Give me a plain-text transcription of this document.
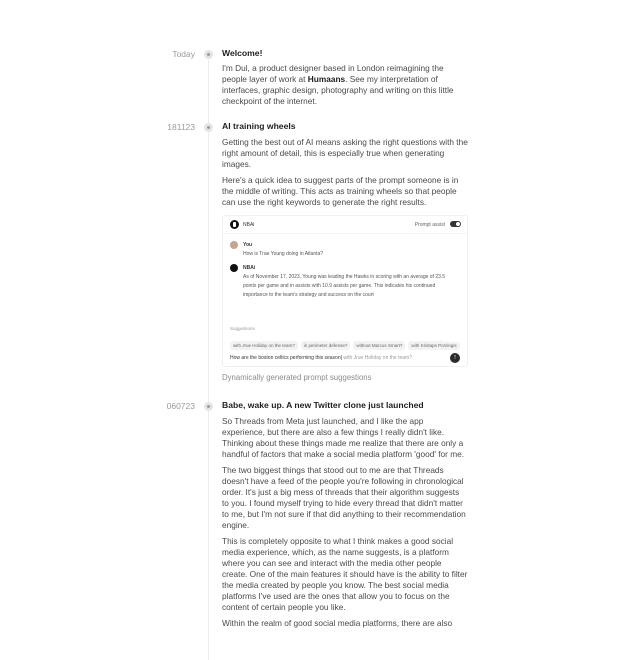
Today	Welcome!
I'm Dul, a product designer based in London reimagining the people layer of work at Humaans. See my interpretation of interfaces, graphic design, photography and writing on this little checkpoint of the internet.
181123	AI training wheels
Getting the best out of AI means asking the right questions with the right amount of detail, this is especially true when generating images.
Here's a quick idea to suggest parts of the prompt someone is in the middle of writing. This acts as training wheels so that people can use the right keywords to generate the right results.
NBAi	Prompt assist
You
How is Trae Young doing in Atlanta?
NBAi
As of November 17, 2023, Young was leading the Hawks in scoring with an average of 23.5 points per game and in assists with 10.9 assists per game. This indicates his continued importance to the team's strategy and success on the court
Suggestions
with Jrue Holiday on the team? in perimeter defense? without Marcus Smart? with Kristaps Porzingis
How are the boston celtics performing this season| with Jrue Holiday on the team?	↑
Dynamically generated prompt suggestions
060723	Babe, wake up. A new Twitter clone just launched
So Threads from Meta just launched, and I like the app experience, but there are also a few things I really didn't like. Thinking about these things made me realize that there are only a handful of factors that make a social media platform 'good' for me.
The two biggest things that stood out to me are that Threads doesn't have a feed of the people you're following in chronological order. It's just a big mess of threads that their algorithm suggests to you. I found myself trying to hide every thread that didn't matter to me, but I'm not sure if that did anything to their recommendation engine.
This is completely opposite to what I think makes a good social media experience, which, as the name suggests, is a platform where you can see and interact with the media other people create. One of the main features it should have is the ability to filter the media created by people you know. The best social media platforms I've used are the ones that allow you to focus on the content of certain people you like.
Within the realm of good social media platforms, there are also
